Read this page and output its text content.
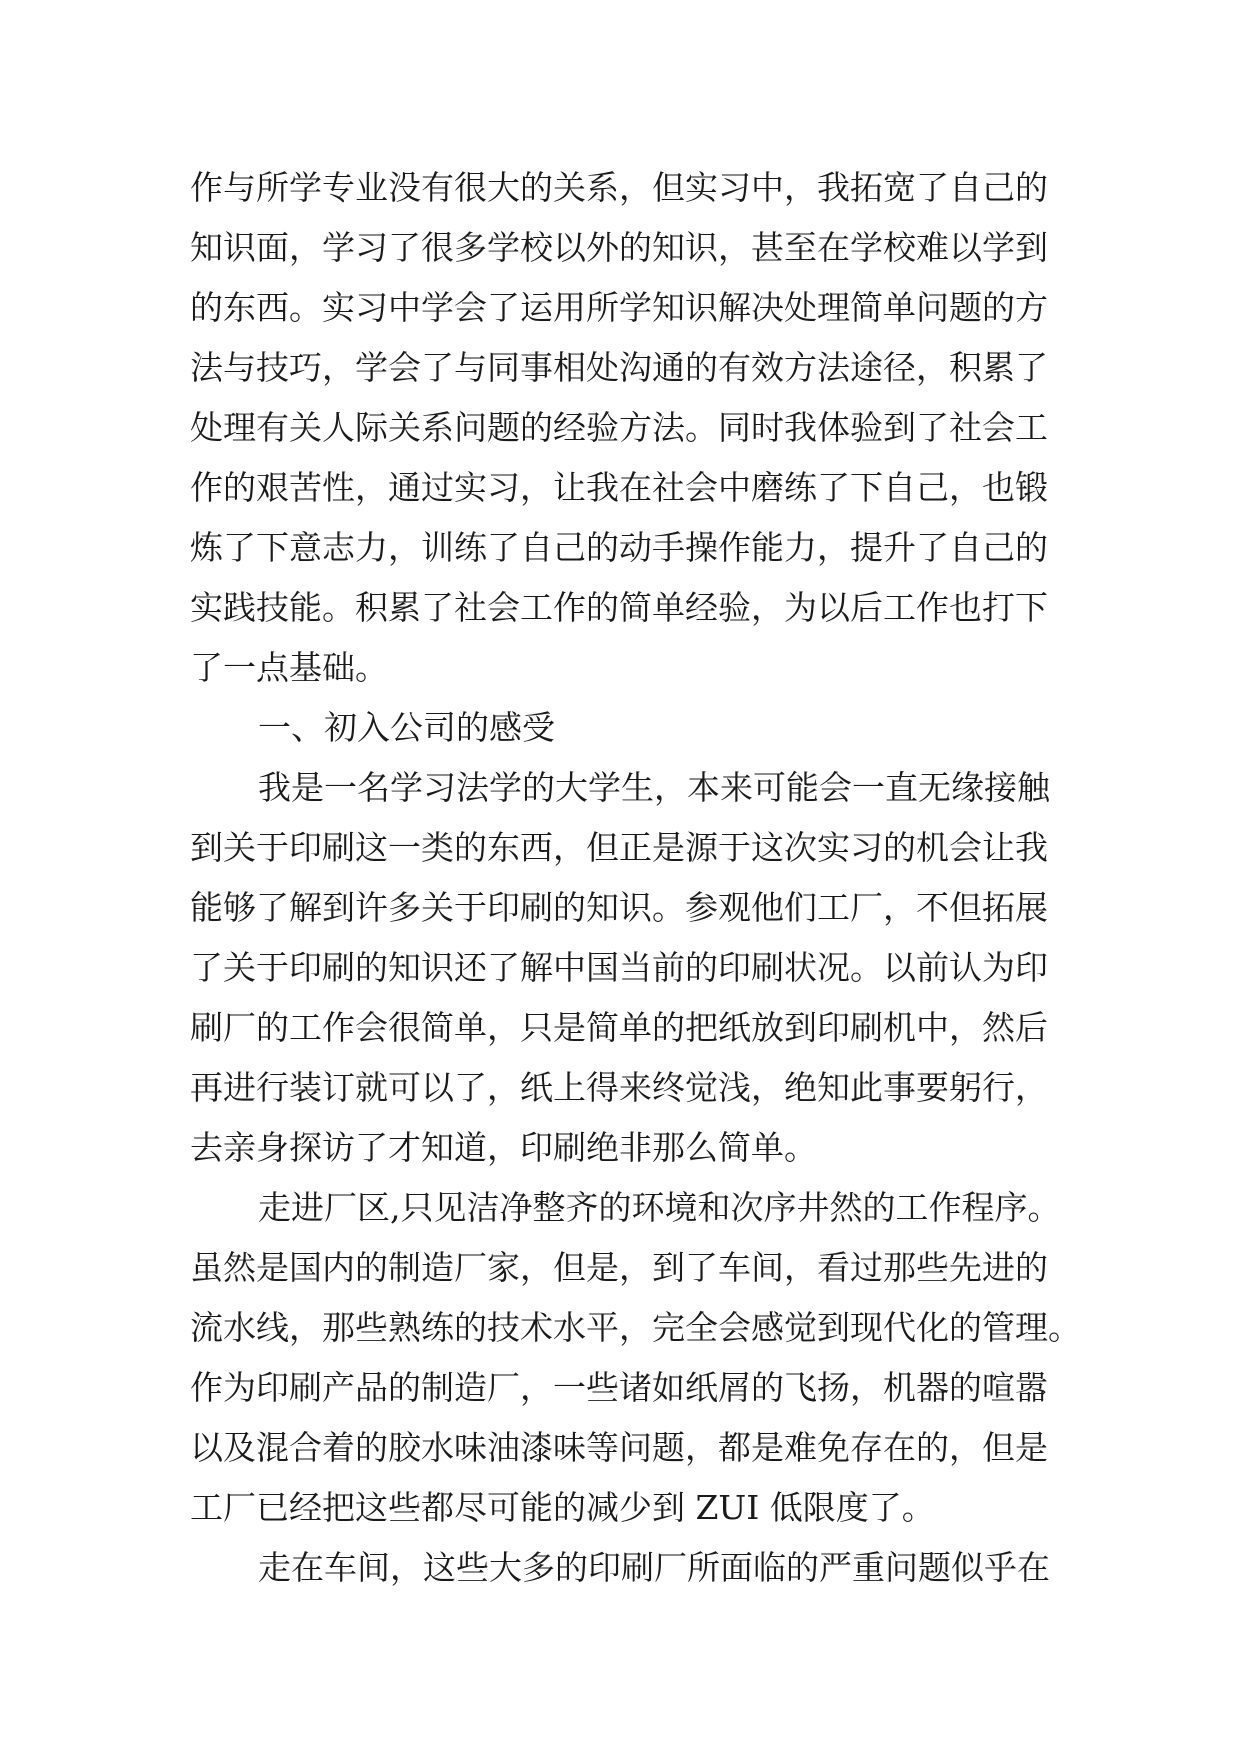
作与所学专业没有很大的关系，但实习中，我拓宽了自己的
知识面，学习了很多学校以外的知识，甚至在学校难以学到
的东西。实习中学会了运用所学知识解决处理简单问题的方
法与技巧，学会了与同事相处沟通的有效方法途径，积累了
处理有关人际关系问题的经验方法。同时我体验到了社会工
作的艰苦性，通过实习，让我在社会中磨练了下自己，也锻
炼了下意志力，训练了自己的动手操作能力，提升了自己的
实践技能。积累了社会工作的简单经验，为以后工作也打下
了一点基础。
一、初入公司的感受
我是一名学习法学的大学生，本来可能会一直无缘接触
到关于印刷这一类的东西，但正是源于这次实习的机会让我
能够了解到许多关于印刷的知识。参观他们工厂，不但拓展
了关于印刷的知识还了解中国当前的印刷状况。以前认为印
刷厂的工作会很简单，只是简单的把纸放到印刷机中，然后
再进行装订就可以了，纸上得来终觉浅，绝知此事要躬行，
去亲身探访了才知道，印刷绝非那么简单。
走进厂区,只见洁净整齐的环境和次序井然的工作程序。
虽然是国内的制造厂家，但是，到了车间，看过那些先进的
流水线，那些熟练的技术水平，完全会感觉到现代化的管理。
作为印刷产品的制造厂，一些诸如纸屑的飞扬，机器的喧嚣
以及混合着的胶水味油漆味等问题，都是难免存在的，但是
工厂已经把这些都尽可能的减少到 ZUI 低限度了。
走在车间，这些大多的印刷厂所面临的严重问题似乎在
